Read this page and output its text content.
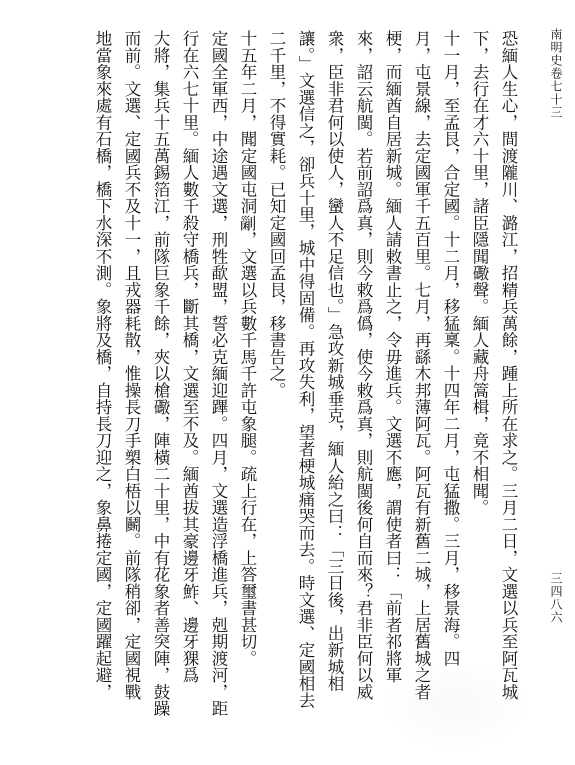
南明史卷七十三
三四八六
恐緬人生心，間渡隴川、潞江，招精兵萬餘，踵上所在求之。三月二日，文選以兵至阿瓦城
下，去行在才六十里，諸臣隱聞礮聲。緬人藏舟篙楫，竟不相聞。
十一月，至孟艮，合定國。十二月，移猛稟。十四年二月，屯猛撒。三月，移景海。四
月，屯景線，去定國軍千五百里。七月，再繇木邦薄阿瓦。阿瓦有新舊二城，上居舊城之者
梗，而緬酋自居新城。緬人請敕書止之，令毋進兵。文選不應，謂使者曰：「前者祁將軍
來，詔云航閩。若前詔爲真，則今敕爲僞，使今敕爲真，則航閩後何自而來？君非臣何以威
衆，臣非君何以使人，蠻人不足信也。」急攻新城垂克，緬人紿之曰：「三日後，出新城相
讓。」文選信之，卻兵十里，城中得固備。再攻失利，望者梗城痛哭而去。時文選、定國相去
二千里，不得實耗。已知定國回孟艮，移書告之。
十五年二月，聞定國屯洞𠞜，文選以兵數千馬千許屯象腿。疏上行在，上答璽書甚切。
定國全軍西，中途遇文選，刑牲歃盟，誓必克緬迎蹕。四月，文選造浮橋進兵，剋期渡河，距
行在六七十里。緬人數千殺守橋兵，斷其橋，文選至不及。緬酋拔其豪邊牙鮓、邊牙猓爲
大將，集兵十五萬錫箔江，前隊巨象千餘，夾以槍礮，陣橫二十里，中有花象者善突陣，鼓躁
而前。文選、定國兵不及十一，且戎器耗散，惟操長刀手槊白梧以鬭。前隊稍卻，定國視戰
地當象來處有石橋，橋下水深不測。象將及橋，自持長刀迎之，象鼻捲定國，定國躍起避，
